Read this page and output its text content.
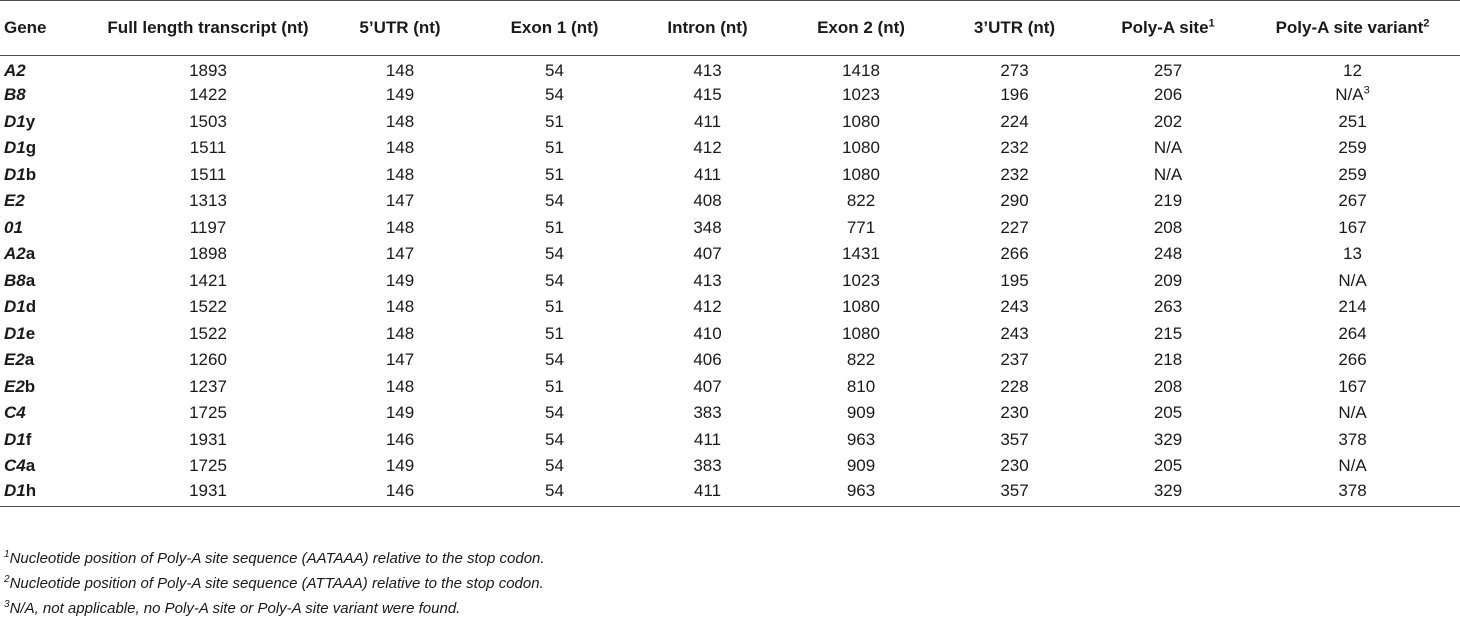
Gene	Full length transcript (nt)	5’UTR (nt)	Exon 1 (nt)	Intron (nt)	Exon 2 (nt)	3’UTR (nt)	Poly-A site$^1$	Poly-A site variant$^2$
A2	1893	148	54	413	1418	273	257	12
B8	1422	149	54	415	1023	196	206	$N/A^3$
D1y	1503	148	51	411	1080	224	202	251
D1g	1511	148	51	412	1080	232	N/A	259
D1b	1511	148	51	411	1080	232	N/A	259
E2	1313	147	54	408	822	290	219	267
01	1197	148	51	348	771	227	208	167
A2a	1898	147	54	407	1431	266	248	13
B8a	1421	149	54	413	1023	195	209	N/A
D1d	1522	148	51	412	1080	243	263	214
D1e	1522	148	51	410	1080	243	215	264
E2a	1260	147	54	406	822	237	218	266
E2b	1237	148	51	407	810	228	208	167
C4	1725	149	54	383	909	230	205	N/A
D1f	1931	146	54	411	963	357	329	378
C4a	1725	149	54	383	909	230	205	N/A
D1h	1931	146	54	411	963	357	329	378
$^1$Nucleotide position of Poly-A site sequence (AATAAA) relative to the stop codon.
$^2$Nucleotide position of Poly-A site sequence (ATTAAA) relative to the stop codon.
$^3$N/A, not applicable, no Poly-A site or Poly-A site variant were found.
